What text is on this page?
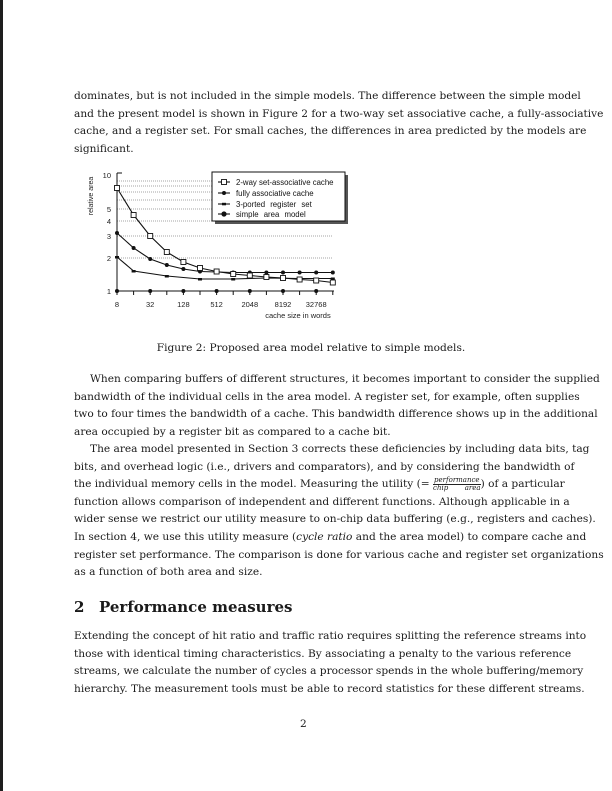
dominates, but is not included in the simple models. The difference between the simple model
and the present model is shown in Figure 2 for a two-way set associative cache, a fully-associative
cache, and a register set. For small caches, the differences in area predicted by the models are
significant.
relative area
10
5
4
3
2
1
8	32	128	512 2048 8192 32768
cache size in words
2-way set-associative cache
fully associative cache
3-ported register set
simple area model
Figure 2: Proposed area model relative to simple models.
When comparing buffers of different structures, it becomes important to consider the supplied
bandwidth of the individual cells in the area model. A register set, for example, often supplies
two to four times the bandwidth of a cache. This bandwidth difference shows up in the additional
area occupied by a register bit as compared to a cache bit.
The area model presented in Section 3 corrects these deficiencies by including data bits, tag
bits, and overhead logic (i.e., drivers and comparators), and by considering the bandwidth of
the individual memory cells in the model. Measuring the utility (= $\frac{\text{performance}}{\text{chip area}}$ ) of a particular
function allows comparison of independent and different functions. Although applicable in a
wider sense we restrict our utility measure to on-chip data buffering (e.g., registers and caches).
In section 4, we use this utility measure (cycle ratio and the area model) to compare cache and
register set performance. The comparison is done for various cache and register set organizations
as a function of both area and size.
2 Performance measures
Extending the concept of hit ratio and traffic ratio requires splitting the reference streams into
those with identical timing characteristics. By associating a penalty to the various reference
streams, we calculate the number of cycles a processor spends in the whole buffering/memory
hierarchy. The measurement tools must be able to record statistics for these different streams.
2
